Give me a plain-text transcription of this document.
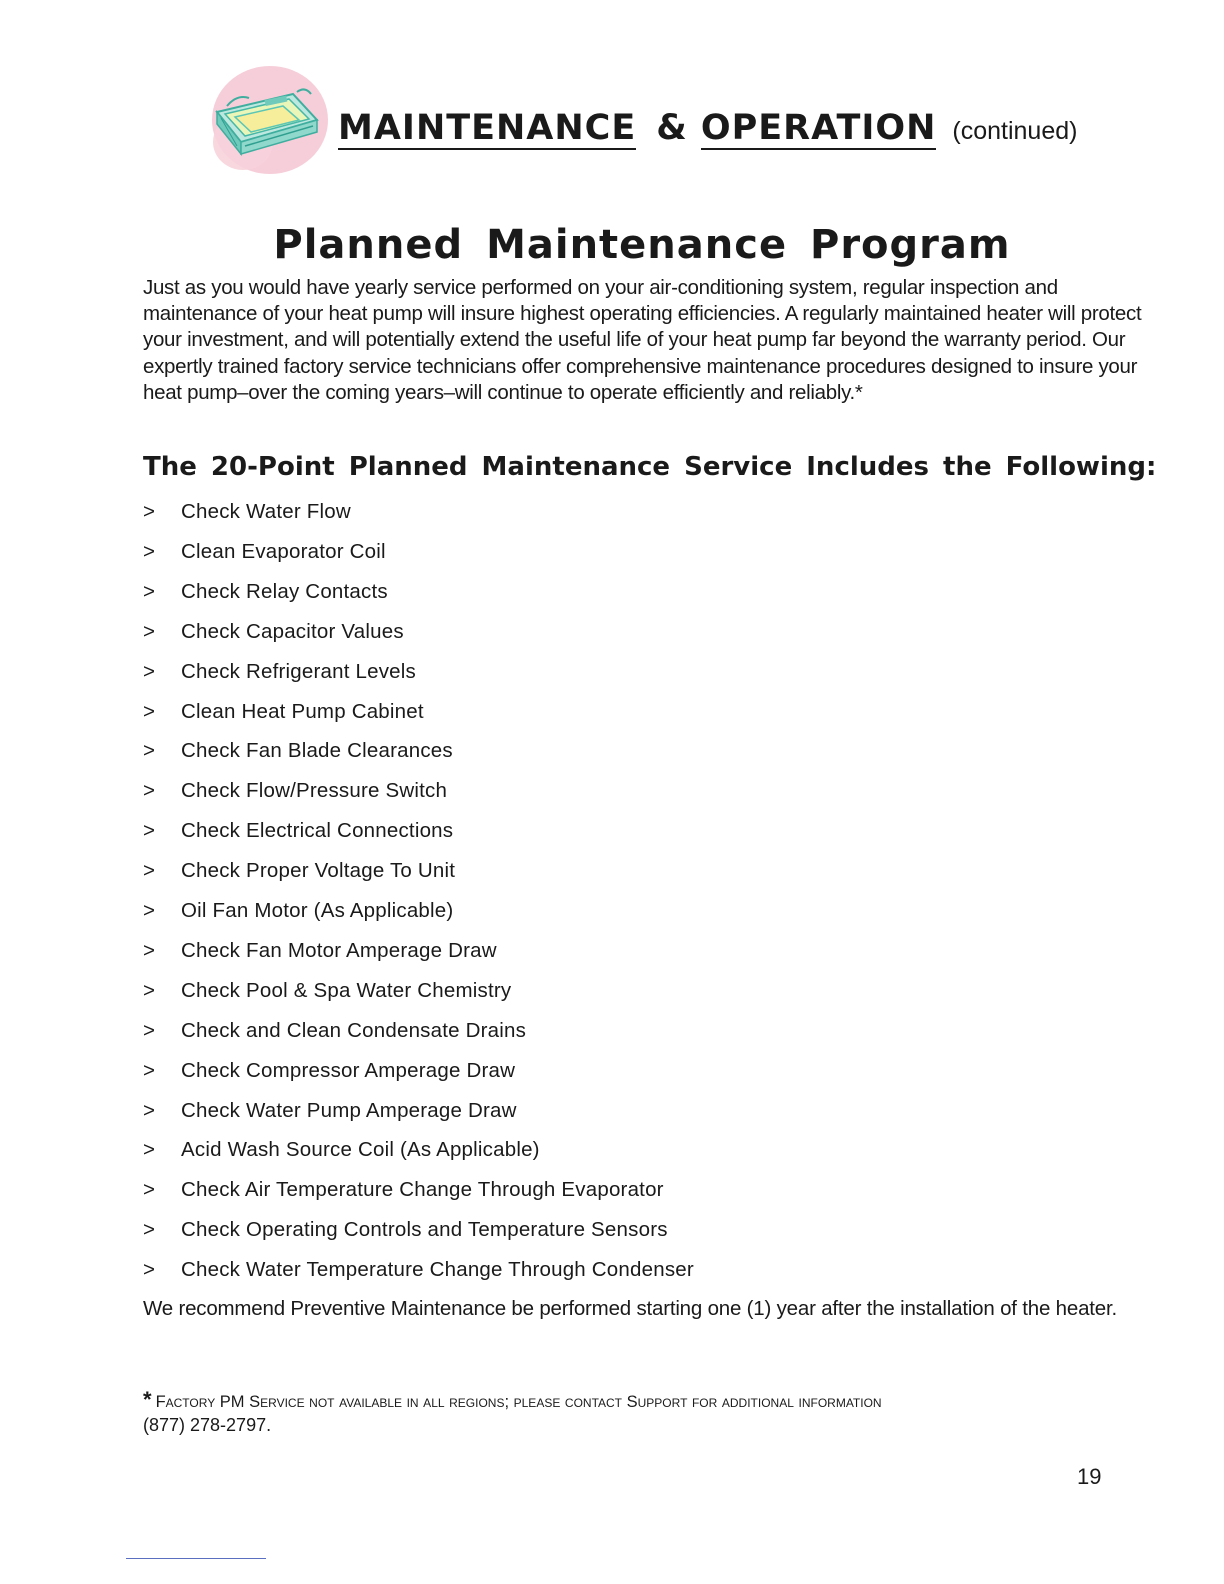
MAINTENANCE & OPERATION (continued)
Planned Maintenance Program
Just as you would have yearly service performed on your air-conditioning system, regular inspection and maintenance of your heat pump will insure highest operating efficiencies. A regularly maintained heater will protect your investment, and will potentially extend the useful life of your heat pump far beyond the warranty period. Our expertly trained factory service technicians offer comprehensive maintenance procedures designed to insure your heat pump–over the coming years–will continue to operate efficiently and reliably.*
The 20-Point Planned Maintenance Service Includes the Following:
>	Check Water Flow
>	Clean Evaporator Coil
>	Check Relay Contacts
>	Check Capacitor Values
>	Check Refrigerant Levels
>	Clean Heat Pump Cabinet
>	Check Fan Blade Clearances
>	Check Flow/Pressure Switch
>	Check Electrical Connections
>	Check Proper Voltage To Unit
>	Oil Fan Motor (As Applicable)
>	Check Fan Motor Amperage Draw
>	Check Pool & Spa Water Chemistry
>	Check and Clean Condensate Drains
>	Check Compressor Amperage Draw
>	Check Water Pump Amperage Draw
>	Acid Wash Source Coil (As Applicable)
>	Check Air Temperature Change Through Evaporator
>	Check Operating Controls and Temperature Sensors
>	Check Water Temperature Change Through Condenser
We recommend Preventive Maintenance be performed starting one (1) year after the installation of the heater.
* Factory PM Service not available in all regions; please contact Support for additional information (877) 278-2797.
19
